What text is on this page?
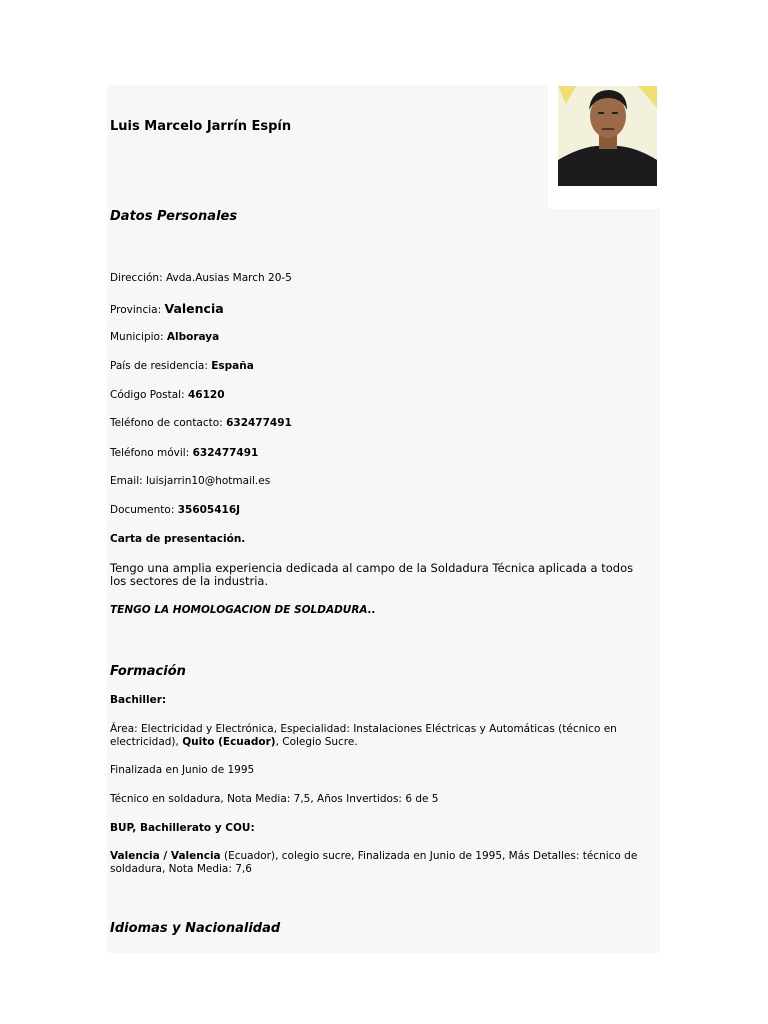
Luis Marcelo Jarrín Espín
Datos Personales
Dirección: Avda.Ausias March 20-5
Provincia: Valencia
Municipio: Alboraya
País de residencia: España
Código Postal: 46120
Teléfono de contacto: 632477491
Teléfono móvil: 632477491
Email: luisjarrin10@hotmail.es
Documento: 35605416J
Carta de presentación.
Tengo una amplia experiencia dedicada al campo de la Soldadura Técnica aplicada a todos los sectores de la industria.
TENGO LA HOMOLOGACION DE SOLDADURA..
Formación
Bachiller:
Área: Electricidad y Electrónica, Especialidad: Instalaciones Eléctricas y Automáticas (técnico en electricidad), Quito (Ecuador), Colegio Sucre.
Finalizada en Junio de 1995
Técnico en soldadura, Nota Media: 7,5, Años Invertidos: 6 de 5
BUP, Bachillerato y COU:
Valencia / Valencia (Ecuador), colegio sucre, Finalizada en Junio de 1995, Más Detalles: técnico de soldadura, Nota Media: 7,6
Idiomas y Nacionalidad
